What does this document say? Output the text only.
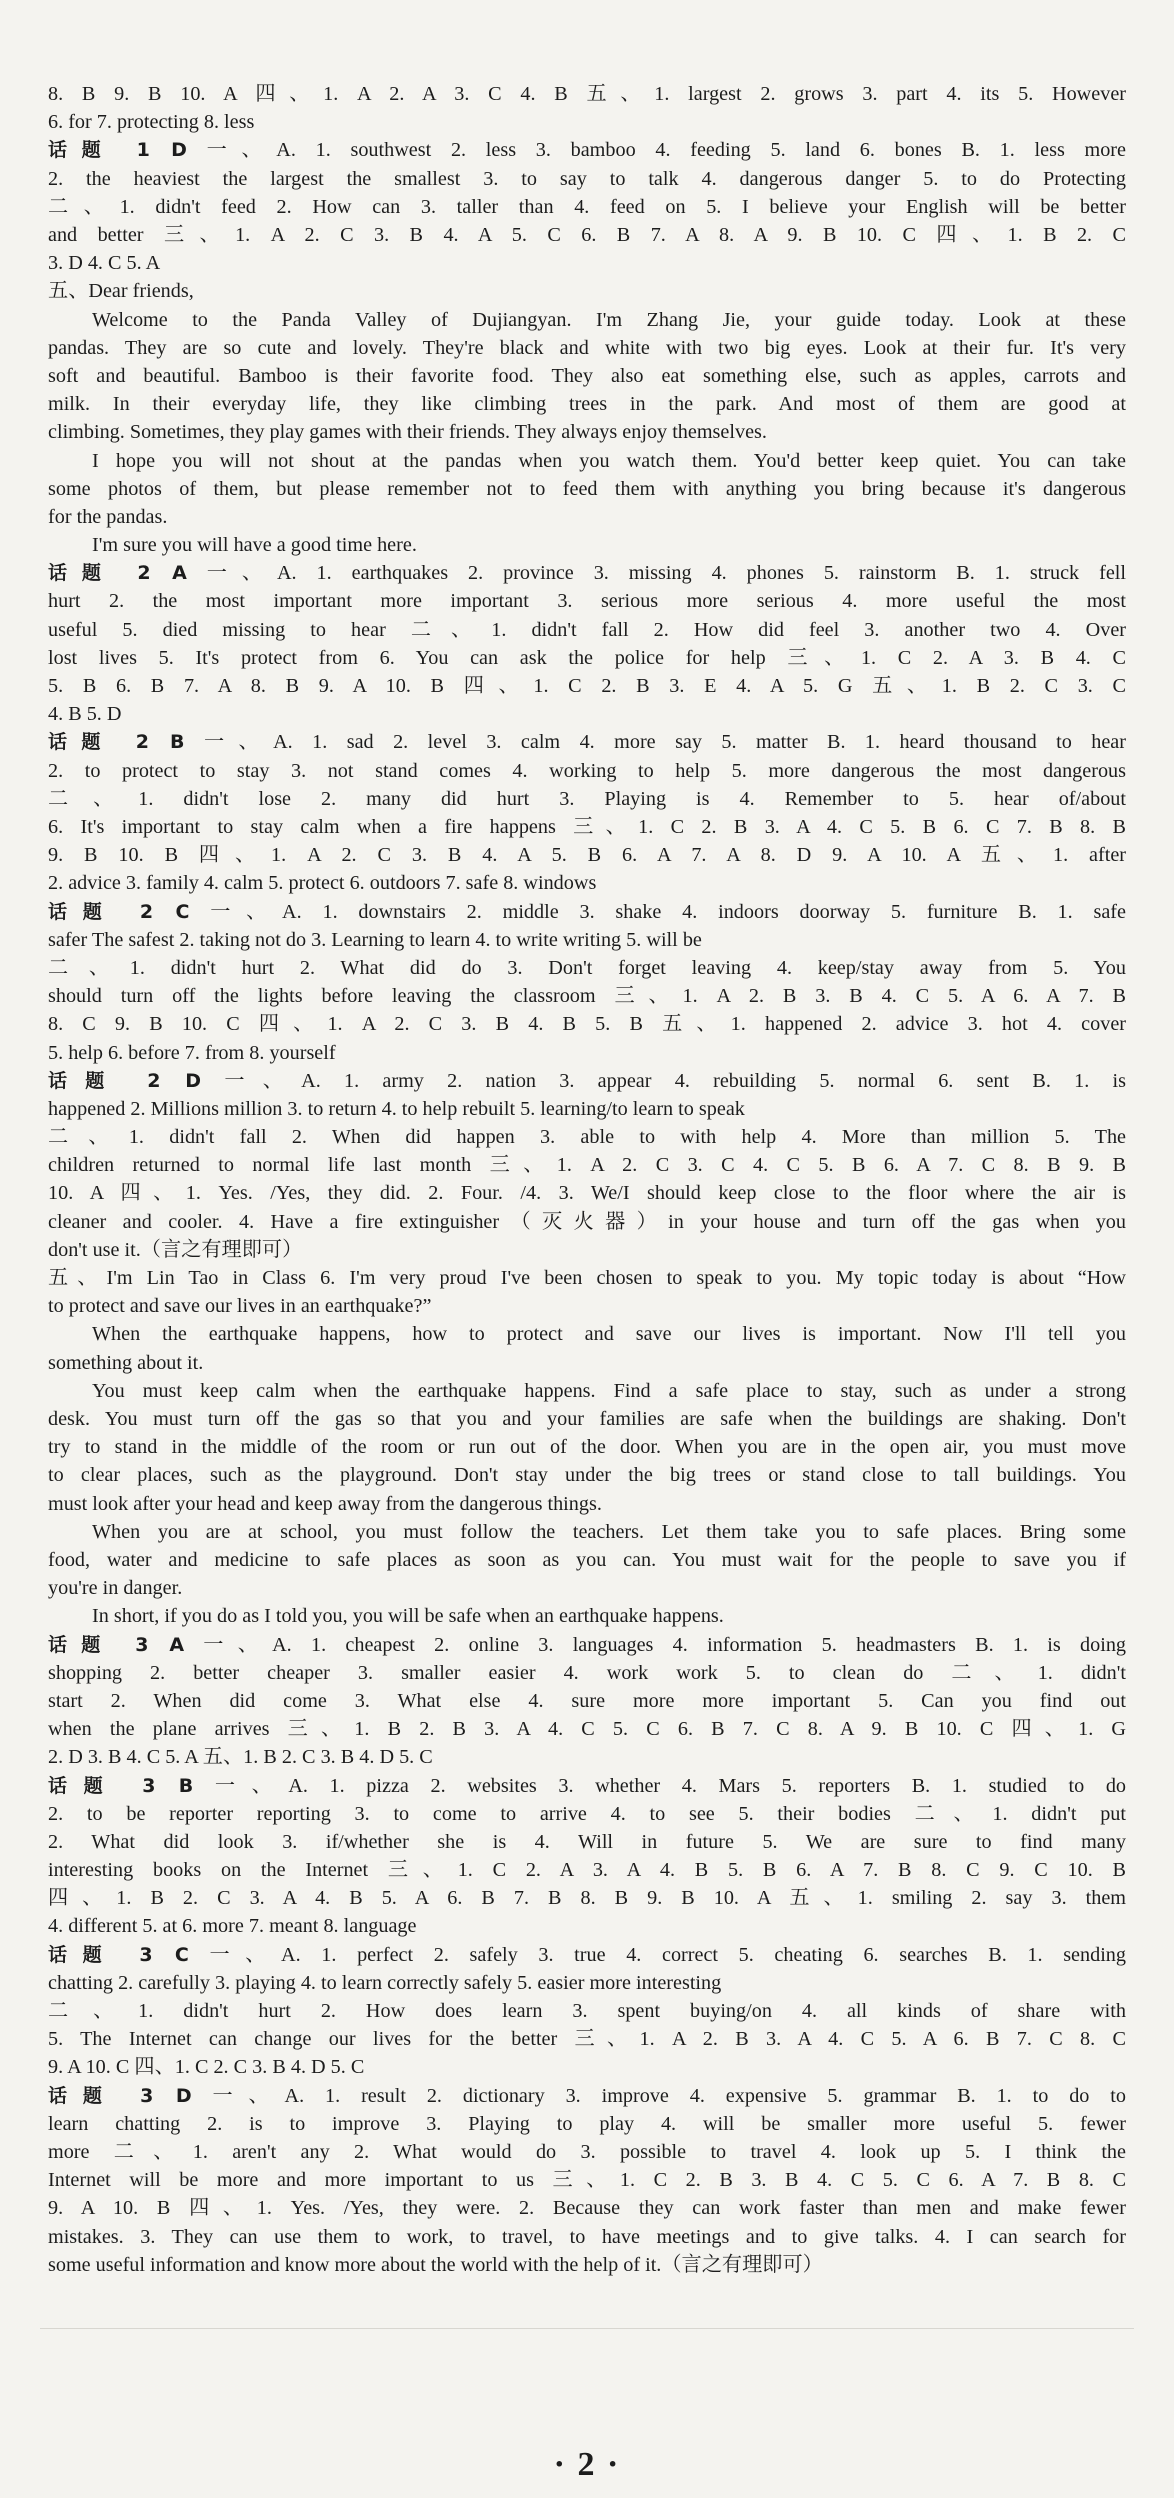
8. B 9. B 10. A 四、1. A 2. A 3. C 4. B 五、1. largest 2. grows 3. part 4. its 5. However
6. for 7. protecting 8. less
话题 1 D 一、A. 1. southwest 2. less 3. bamboo 4. feeding 5. land 6. bones B. 1. less more
2. the heaviest the largest the smallest 3. to say to talk 4. dangerous danger 5. to do Protecting
二、1. didn't feed 2. How can 3. taller than 4. feed on 5. I believe your English will be better
and better 三、1. A 2. C 3. B 4. A 5. C 6. B 7. A 8. A 9. B 10. C 四、1. B 2. C
3. D 4. C 5. A
五、Dear friends,
Welcome to the Panda Valley of Dujiangyan. I'm Zhang Jie, your guide today. Look at these
pandas. They are so cute and lovely. They're black and white with two big eyes. Look at their fur. It's very
soft and beautiful. Bamboo is their favorite food. They also eat something else, such as apples, carrots and
milk. In their everyday life, they like climbing trees in the park. And most of them are good at
climbing. Sometimes, they play games with their friends. They always enjoy themselves.
I hope you will not shout at the pandas when you watch them. You'd better keep quiet. You can take
some photos of them, but please remember not to feed them with anything you bring because it's dangerous
for the pandas.
I'm sure you will have a good time here.
话题 2 A 一、A. 1. earthquakes 2. province 3. missing 4. phones 5. rainstorm B. 1. struck fell
hurt 2. the most important more important 3. serious more serious 4. more useful the most
useful 5. died missing to hear 二、1. didn't fall 2. How did feel 3. another two 4. Over
lost lives 5. It's protect from 6. You can ask the police for help 三、1. C 2. A 3. B 4. C
5. B 6. B 7. A 8. B 9. A 10. B 四、1. C 2. B 3. E 4. A 5. G 五、1. B 2. C 3. C
4. B 5. D
话题 2 B 一、A. 1. sad 2. level 3. calm 4. more say 5. matter B. 1. heard thousand to hear
2. to protect to stay 3. not stand comes 4. working to help 5. more dangerous the most dangerous
二、1. didn't lose 2. many did hurt 3. Playing is 4. Remember to 5. hear of/about
6. It's important to stay calm when a fire happens 三、1. C 2. B 3. A 4. C 5. B 6. C 7. B 8. B
9. B 10. B 四、1. A 2. C 3. B 4. A 5. B 6. A 7. A 8. D 9. A 10. A 五、1. after
2. advice 3. family 4. calm 5. protect 6. outdoors 7. safe 8. windows
话题 2 C 一、A. 1. downstairs 2. middle 3. shake 4. indoors doorway 5. furniture B. 1. safe
safer The safest 2. taking not do 3. Learning to learn 4. to write writing 5. will be
二、1. didn't hurt 2. What did do 3. Don't forget leaving 4. keep/stay away from 5. You
should turn off the lights before leaving the classroom 三、1. A 2. B 3. B 4. C 5. A 6. A 7. B
8. C 9. B 10. C 四、1. A 2. C 3. B 4. B 5. B 五、1. happened 2. advice 3. hot 4. cover
5. help 6. before 7. from 8. yourself
话题 2 D 一、A. 1. army 2. nation 3. appear 4. rebuilding 5. normal 6. sent B. 1. is
happened 2. Millions million 3. to return 4. to help rebuilt 5. learning/to learn to speak
二、1. didn't fall 2. When did happen 3. able to with help 4. More than million 5. The
children returned to normal life last month 三、1. A 2. C 3. C 4. C 5. B 6. A 7. C 8. B 9. B
10. A 四、1. Yes. /Yes, they did. 2. Four. /4. 3. We/I should keep close to the floor where the air is
cleaner and cooler. 4. Have a fire extinguisher（灭火器）in your house and turn off the gas when you
don't use it.（言之有理即可）
五、I'm Lin Tao in Class 6. I'm very proud I've been chosen to speak to you. My topic today is about “How
to protect and save our lives in an earthquake?”
When the earthquake happens, how to protect and save our lives is important. Now I'll tell you
something about it.
You must keep calm when the earthquake happens. Find a safe place to stay, such as under a strong
desk. You must turn off the gas so that you and your families are safe when the buildings are shaking. Don't
try to stand in the middle of the room or run out of the door. When you are in the open air, you must move
to clear places, such as the playground. Don't stay under the big trees or stand close to tall buildings. You
must look after your head and keep away from the dangerous things.
When you are at school, you must follow the teachers. Let them take you to safe places. Bring some
food, water and medicine to safe places as soon as you can. You must wait for the people to save you if
you're in danger.
In short, if you do as I told you, you will be safe when an earthquake happens.
话题 3 A 一、A. 1. cheapest 2. online 3. languages 4. information 5. headmasters B. 1. is doing
shopping 2. better cheaper 3. smaller easier 4. work work 5. to clean do 二、1. didn't
start 2. When did come 3. What else 4. sure more more important 5. Can you find out
when the plane arrives 三、1. B 2. B 3. A 4. C 5. C 6. B 7. C 8. A 9. B 10. C 四、1. G
2. D 3. B 4. C 5. A 五、1. B 2. C 3. B 4. D 5. C
话题 3 B 一、A. 1. pizza 2. websites 3. whether 4. Mars 5. reporters B. 1. studied to do
2. to be reporter reporting 3. to come to arrive 4. to see 5. their bodies 二、1. didn't put
2. What did look 3. if/whether she is 4. Will in future 5. We are sure to find many
interesting books on the Internet 三、1. C 2. A 3. A 4. B 5. B 6. A 7. B 8. C 9. C 10. B
四、1. B 2. C 3. A 4. B 5. A 6. B 7. B 8. B 9. B 10. A 五、1. smiling 2. say 3. them
4. different 5. at 6. more 7. meant 8. language
话题 3 C 一、A. 1. perfect 2. safely 3. true 4. correct 5. cheating 6. searches B. 1. sending
chatting 2. carefully 3. playing 4. to learn correctly safely 5. easier more interesting
二、1. didn't hurt 2. How does learn 3. spent buying/on 4. all kinds of share with
5. The Internet can change our lives for the better 三、1. A 2. B 3. A 4. C 5. A 6. B 7. C 8. C
9. A 10. C 四、1. C 2. C 3. B 4. D 5. C
话题 3 D 一、A. 1. result 2. dictionary 3. improve 4. expensive 5. grammar B. 1. to do to
learn chatting 2. is to improve 3. Playing to play 4. will be smaller more useful 5. fewer
more 二、1. aren't any 2. What would do 3. possible to travel 4. look up 5. I think the
Internet will be more and more important to us 三、1. C 2. B 3. B 4. C 5. C 6. A 7. B 8. C
9. A 10. B 四、1. Yes. /Yes, they were. 2. Because they can work faster than men and make fewer
mistakes. 3. They can use them to work, to travel, to have meetings and to give talks. 4. I can search for
some useful information and know more about the world with the help of it.（言之有理即可）
· 2 ·
